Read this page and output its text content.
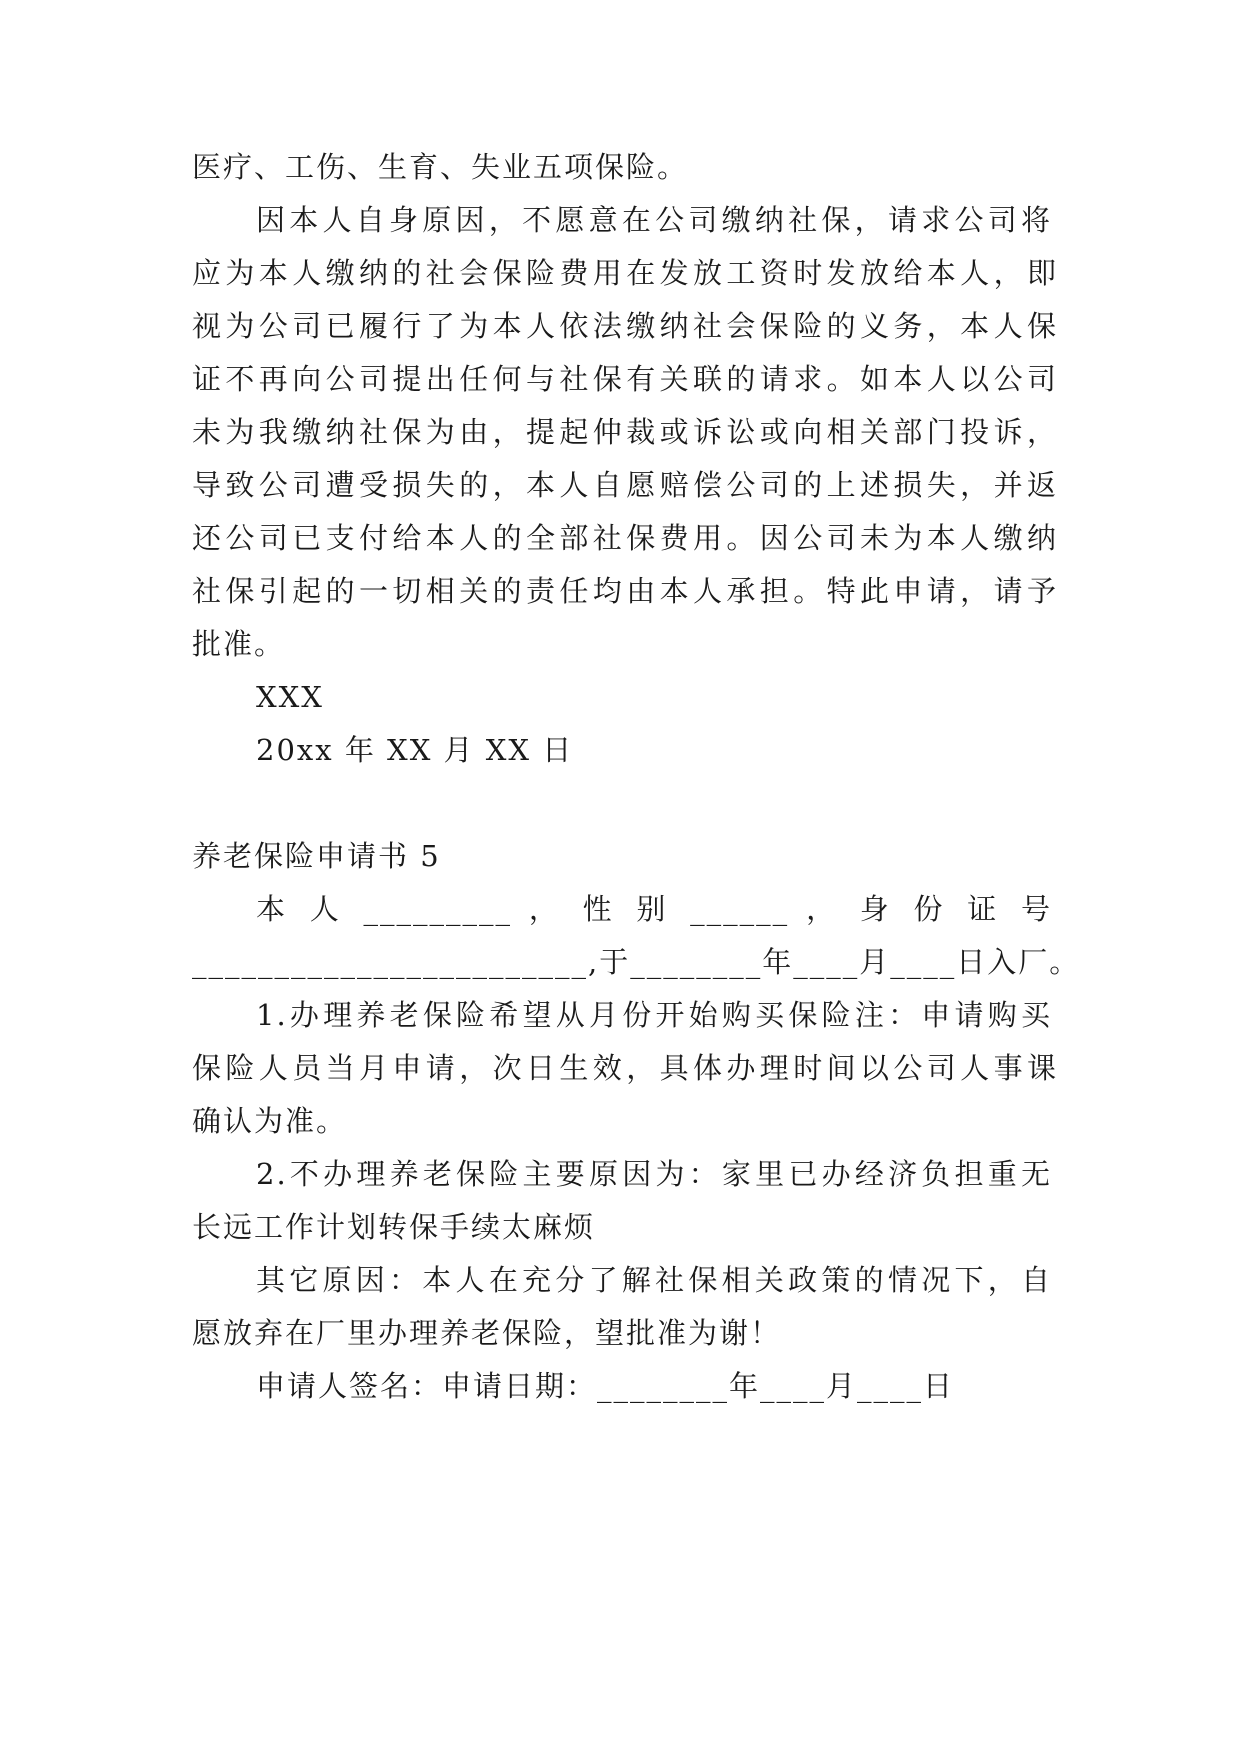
医疗、工伤、生育、失业五项保险。
因本人自身原因，不愿意在公司缴纳社保，请求公司将
应为本人缴纳的社会保险费用在发放工资时发放给本人，即
视为公司已履行了为本人依法缴纳社会保险的义务，本人保
证不再向公司提出任何与社保有关联的请求。如本人以公司
未为我缴纳社保为由，提起仲裁或诉讼或向相关部门投诉，
导致公司遭受损失的，本人自愿赔偿公司的上述损失，并返
还公司已支付给本人的全部社保费用。因公司未为本人缴纳
社保引起的一切相关的责任均由本人承担。特此申请，请予
批准。
XXX
20xx 年 XX 月 XX 日
养老保险申请书 5
本 人 _________ ， 性 别 ______ ， 身 份 证 号
________________________,于________年____月____日入厂。
1.办理养老保险希望从月份开始购买保险注：申请购买
保险人员当月申请，次日生效，具体办理时间以公司人事课
确认为准。
2.不办理养老保险主要原因为：家里已办经济负担重无
长远工作计划转保手续太麻烦
其它原因：本人在充分了解社保相关政策的情况下，自
愿放弃在厂里办理养老保险，望批准为谢！
申请人签名：申请日期：________年____月____日
